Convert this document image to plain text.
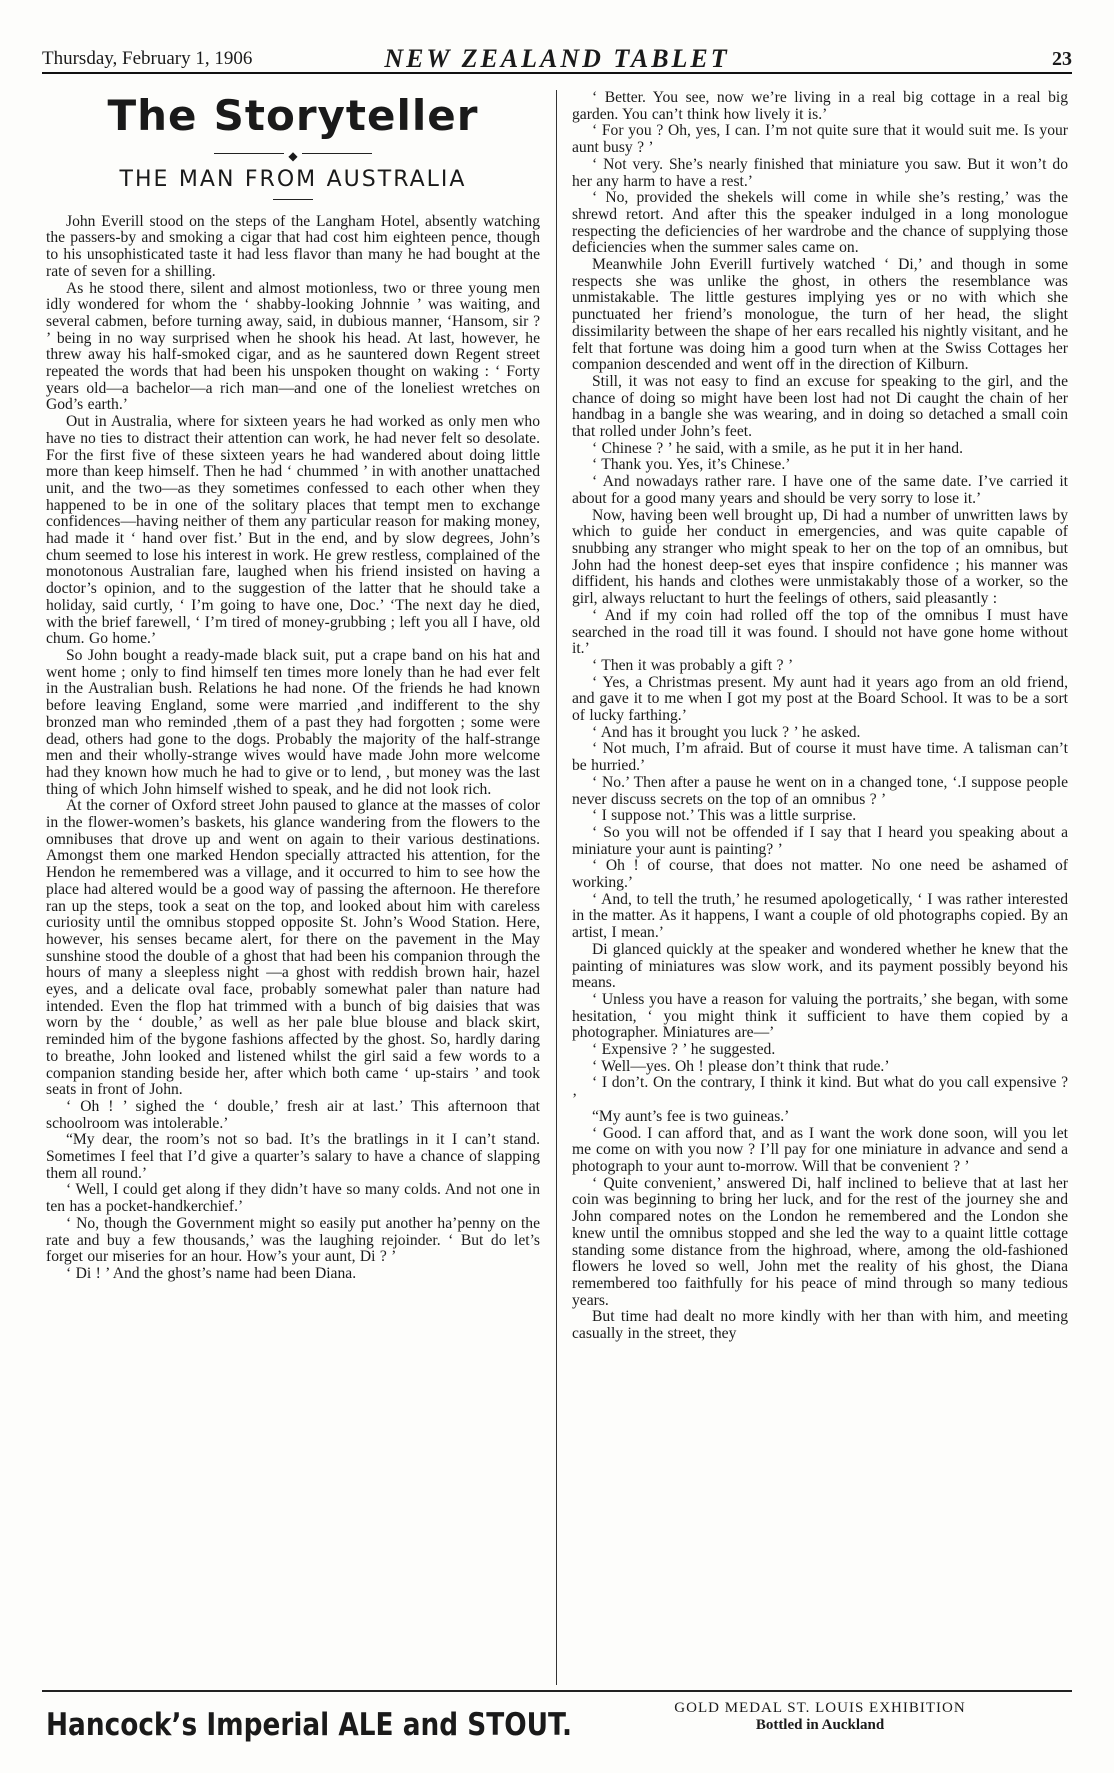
Thursday, February 1, 1906	NEW ZEALAND TABLET	23
The Storyteller
◆
THE MAN FROM AUSTRALIA

John Everill stood on the steps of the Langham Hotel, absently watching the passers-by and smoking a cigar that had cost him eighteen pence, though to his unsophisticated taste it had less flavor than many he had bought at the rate of seven for a shilling.

As he stood there, silent and almost motionless, two or three young men idly wondered for whom the ‘ shabby-looking Johnnie ’ was waiting, and several cabmen, before turning away, said, in dubious manner, ‘Hansom, sir ? ’ being in no way surprised when he shook his head. At last, however, he threw away his half-smoked cigar, and as he sauntered down Regent street repeated the words that had been his unspoken thought on waking : ‘ Forty years old—a bachelor—a rich man—and one of the loneliest wretches on God’s earth.’

Out in Australia, where for sixteen years he had worked as only men who have no ties to distract their attention can work, he had never felt so desolate. For the first five of these sixteen years he had wandered about doing little more than keep himself. Then he had ‘ chummed ’ in with another unattached unit, and the two—as they sometimes confessed to each other when they happened to be in one of the solitary places that tempt men to exchange confidences—having neither of them any particular reason for making money, had made it ‘ hand over fist.’ But in the end, and by slow degrees, John’s chum seemed to lose his interest in work. He grew restless, complained of the monotonous Australian fare, laughed when his friend insisted on having a doctor’s opinion, and to the suggestion of the latter that he should take a holiday, said curtly, ‘ I’m going to have one, Doc.’ ‘The next day he died, with the brief farewell, ‘ I’m tired of money-grubbing ; left you all I have, old chum. Go home.’

So John bought a ready-made black suit, put a crape band on his hat and went home ; only to find himself ten times more lonely than he had ever felt in the Australian bush. Relations he had none. Of the friends he had known before leaving England, some were married ,and indifferent to the shy bronzed man who reminded ,them of a past they had forgotten ; some were dead, others had gone to the dogs. Probably the majority of the half-strange men and their wholly-strange wives would have made John more welcome had they known how much he had to give or to lend, , but money was the last thing of which John himself wished to speak, and he did not look rich.

At the corner of Oxford street John paused to glance at the masses of color in the flower-women’s baskets, his glance wandering from the flowers to the omnibuses that drove up and went on again to their various destinations. Amongst them one marked Hendon specially attracted his attention, for the Hendon he remembered was a village, and it occurred to him to see how the place had altered would be a good way of passing the afternoon. He therefore ran up the steps, took a seat on the top, and looked about him with careless curiosity until the omnibus stopped opposite St. John’s Wood Station. Here, however, his senses became alert, for there on the pavement in the May sunshine stood the double of a ghost that had been his companion through the hours of many a sleepless night —a ghost with reddish brown hair, hazel eyes, and a delicate oval face, probably somewhat paler than nature had intended. Even the flop hat trimmed with a bunch of big daisies that was worn by the ‘ double,’ as well as her pale blue blouse and black skirt, reminded him of the bygone fashions affected by the ghost. So, hardly daring to breathe, John looked and listened whilst the girl said a few words to a companion standing beside her, after which both came ‘ up-stairs ’ and took seats in front of John.

‘ Oh ! ’ sighed the ‘ double,’ fresh air at last.’ This afternoon that schoolroom was intolerable.’

“My dear, the room’s not so bad. It’s the bratlings in it I can’t stand. Sometimes I feel that I’d give a quarter’s salary to have a chance of slapping them all round.’

‘ Well, I could get along if they didn’t have so many colds. And not one in ten has a pocket-handkerchief.’

‘ No, though the Government might so easily put another ha’penny on the rate and buy a few thousands,’ was the laughing rejoinder. ‘ But do let’s forget our miseries for an hour. How’s your aunt, Di ? ’

‘ Di ! ’ And the ghost’s name had been Diana.

‘ Better. You see, now we’re living in a real big cottage in a real big garden. You can’t think how lively it is.’

‘ For you ? Oh, yes, I can. I’m not quite sure that it would suit me. Is your aunt busy ? ’

‘ Not very. She’s nearly finished that miniature you saw. But it won’t do her any harm to have a rest.’

‘ No, provided the shekels will come in while she’s resting,’ was the shrewd retort. And after this the speaker indulged in a long monologue respecting the deficiencies of her wardrobe and the chance of supplying those deficiencies when the summer sales came on.

Meanwhile John Everill furtively watched ‘ Di,’ and though in some respects she was unlike the ghost, in others the resemblance was unmistakable. The little gestures implying yes or no with which she punctuated her friend’s monologue, the turn of her head, the slight dissimilarity between the shape of her ears recalled his nightly visitant, and he felt that fortune was doing him a good turn when at the Swiss Cottages her companion descended and went off in the direction of Kilburn.

Still, it was not easy to find an excuse for speaking to the girl, and the chance of doing so might have been lost had not Di caught the chain of her handbag in a bangle she was wearing, and in doing so detached a small coin that rolled under John’s feet.

‘ Chinese ? ’ he said, with a smile, as he put it in her hand.

‘ Thank you. Yes, it’s Chinese.’

‘ And nowadays rather rare. I have one of the same date. I’ve carried it about for a good many years and should be very sorry to lose it.’

Now, having been well brought up, Di had a number of unwritten laws by which to guide her conduct in emergencies, and was quite capable of snubbing any stranger who might speak to her on the top of an omnibus, but John had the honest deep-set eyes that inspire confidence ; his manner was diffident, his hands and clothes were unmistakably those of a worker, so the girl, always reluctant to hurt the feelings of others, said pleasantly :

‘ And if my coin had rolled off the top of the omnibus I must have searched in the road till it was found. I should not have gone home without it.’

‘ Then it was probably a gift ? ’

‘ Yes, a Christmas present. My aunt had it years ago from an old friend, and gave it to me when I got my post at the Board School. It was to be a sort of lucky farthing.’

‘ And has it brought you luck ? ’ he asked.

‘ Not much, I’m afraid. But of course it must have time. A talisman can’t be hurried.’

‘ No.’ Then after a pause he went on in a changed tone, ‘.I suppose people never discuss secrets on the top of an omnibus ? ’

‘ I suppose not.’ This was a little surprise.

‘ So you will not be offended if I say that I heard you speaking about a miniature your aunt is painting? ’

‘ Oh ! of course, that does not matter. No one need be ashamed of working.’

‘ And, to tell the truth,’ he resumed apologetically, ‘ I was rather interested in the matter. As it happens, I want a couple of old photographs copied. By an artist, I mean.’

Di glanced quickly at the speaker and wondered whether he knew that the painting of miniatures was slow work, and its payment possibly beyond his means.

‘ Unless you have a reason for valuing the portraits,’ she began, with some hesitation, ‘ you might think it sufficient to have them copied by a photographer. Miniatures are—’

‘ Expensive ? ’ he suggested.

‘ Well—yes. Oh ! please don’t think that rude.’

‘ I don’t. On the contrary, I think it kind. But what do you call expensive ? ’

“My aunt’s fee is two guineas.’

‘ Good. I can afford that, and as I want the work done soon, will you let me come on with you now ? I’ll pay for one miniature in advance and send a photograph to your aunt to-morrow. Will that be convenient ? ’

‘ Quite convenient,’ answered Di, half inclined to believe that at last her coin was beginning to bring her luck, and for the rest of the journey she and John compared notes on the London he remembered and the London she knew until the omnibus stopped and she led the way to a quaint little cottage standing some distance from the highroad, where, among the old-fashioned flowers he loved so well, John met the reality of his ghost, the Diana remembered too faithfully for his peace of mind through so many tedious years.

But time had dealt no more kindly with her than with him, and meeting casually in the street, they

Hancock’s Imperial ALE and STOUT.	GOLD MEDAL ST. LOUIS EXHIBITION
Bottled in Auckland
